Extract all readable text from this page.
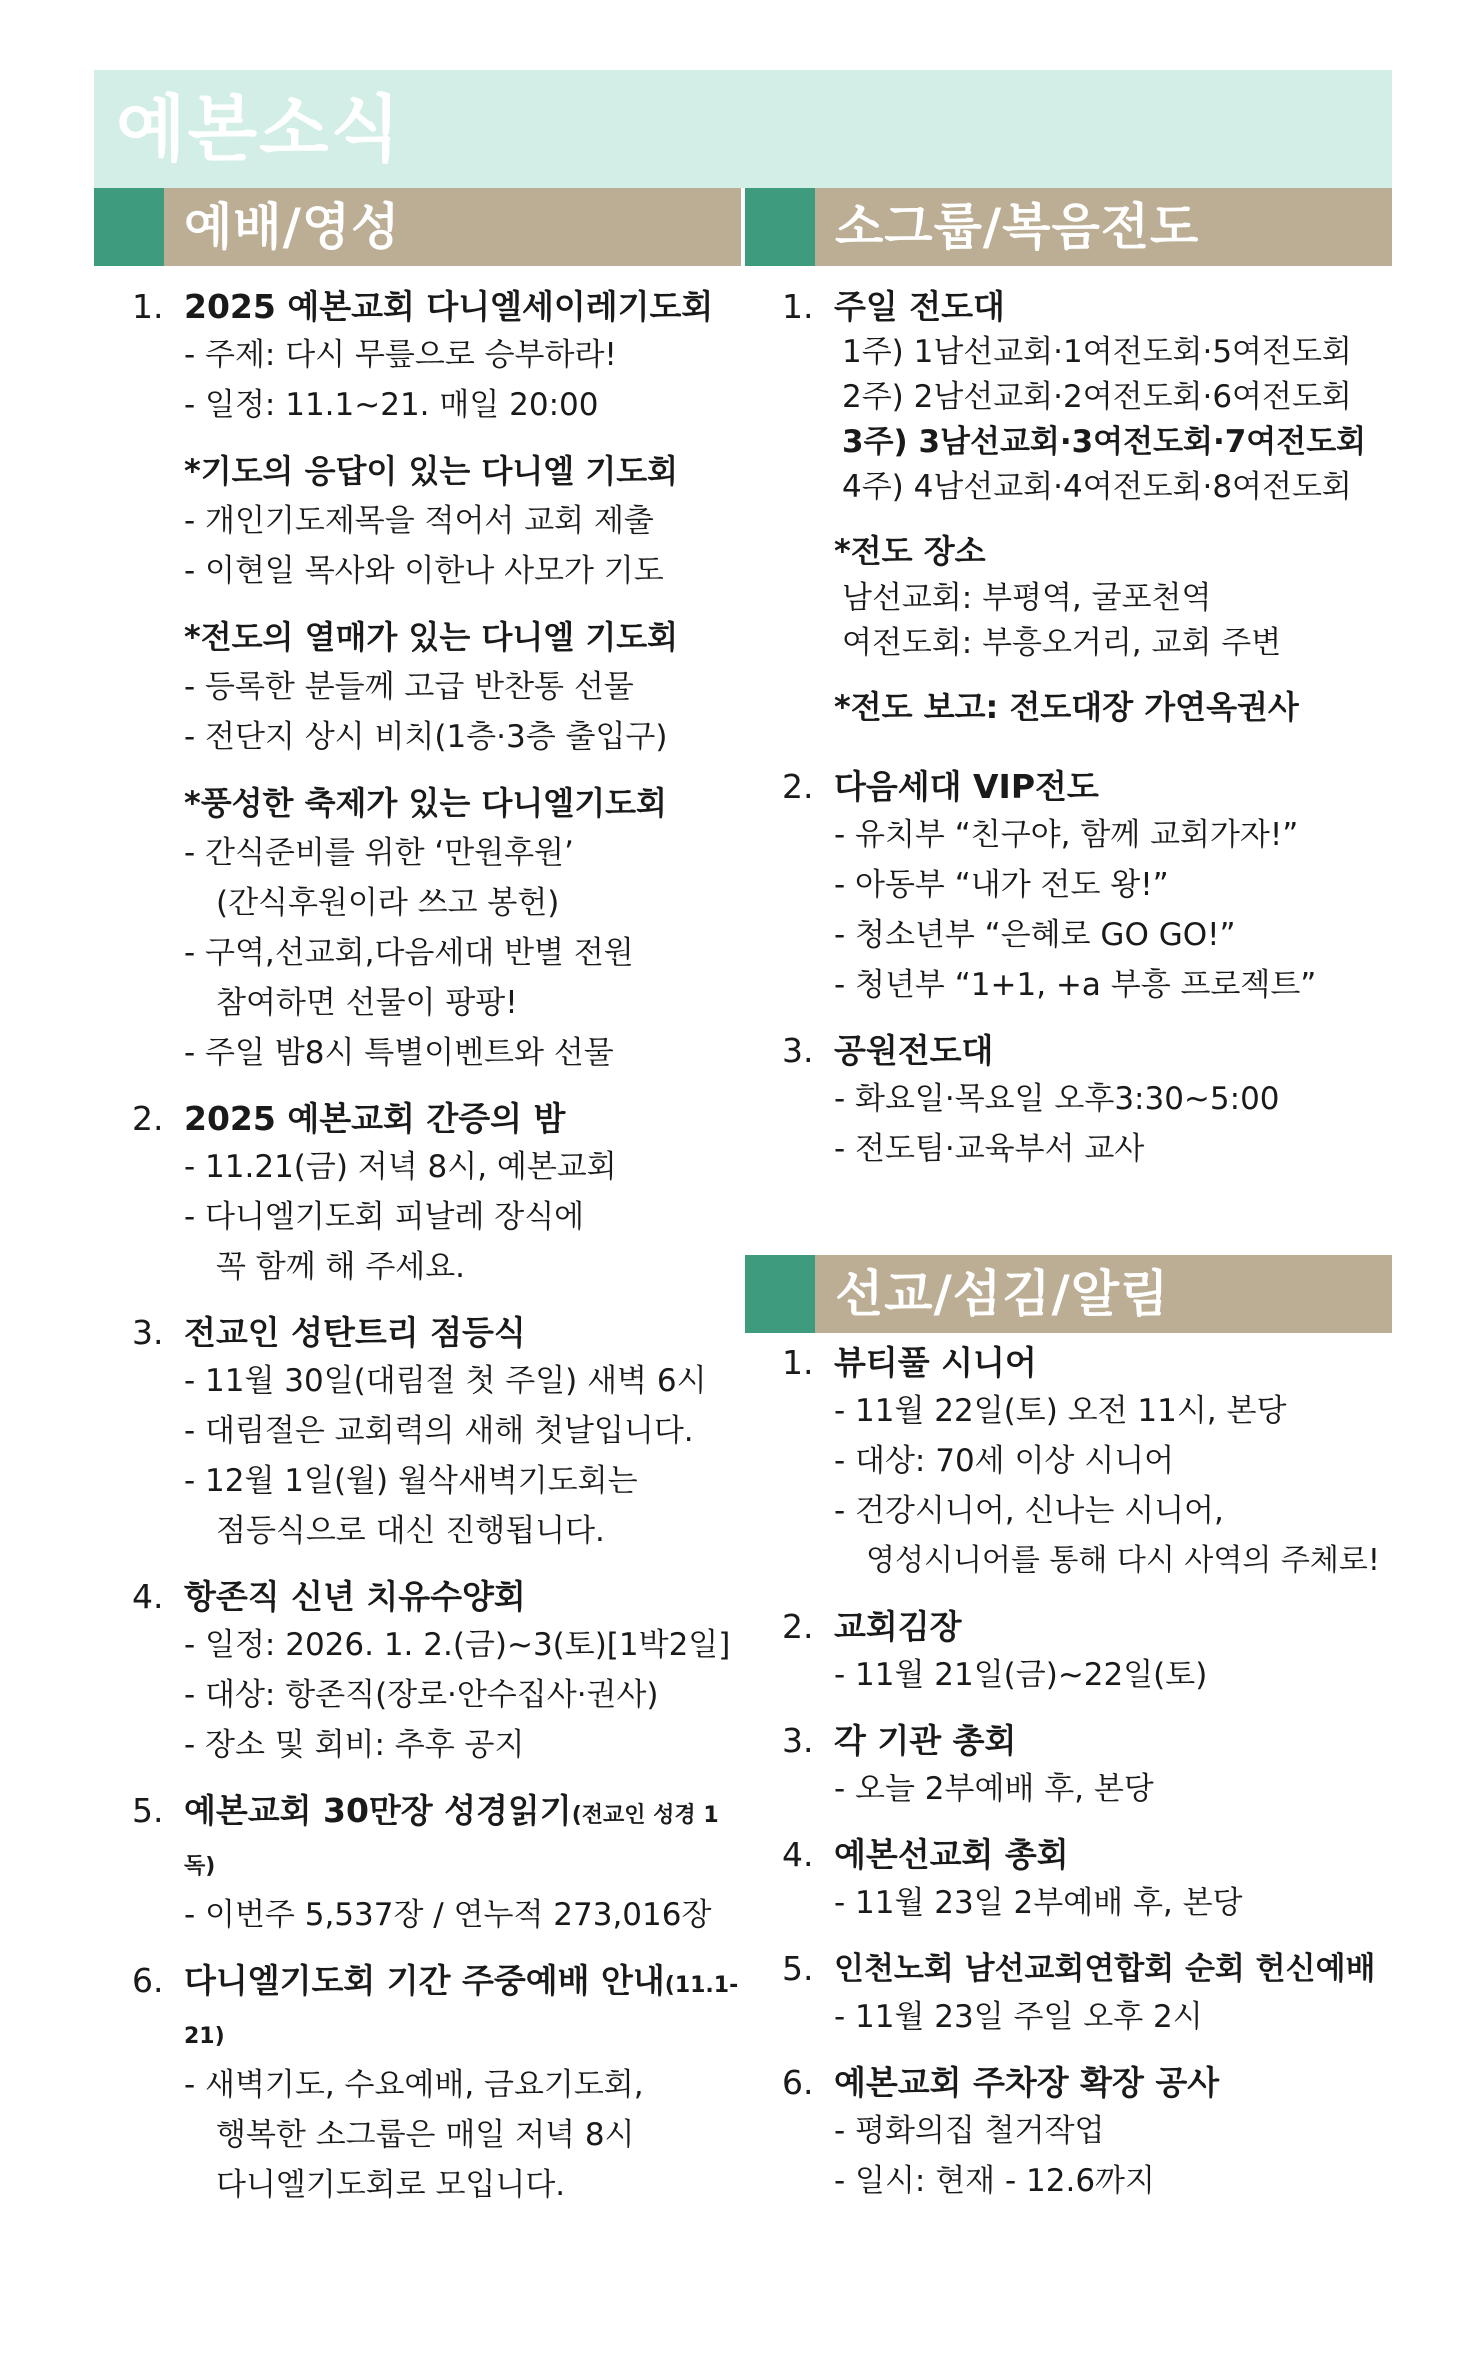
예본소식
예배/영성	소그룹/복음전도
선교/섬김/알림
1. 2025 예본교회 다니엘세이레기도회
- 주제: 다시 무릎으로 승부하라!
- 일정: 11.1~21. 매일 20:00
*기도의 응답이 있는 다니엘 기도회
- 개인기도제목을 적어서 교회 제출
- 이현일 목사와 이한나 사모가 기도
*전도의 열매가 있는 다니엘 기도회
- 등록한 분들께 고급 반찬통 선물
- 전단지 상시 비치(1층·3층 출입구)
*풍성한 축제가 있는 다니엘기도회
- 간식준비를 위한 ‘만원후원’
(간식후원이라 쓰고 봉헌)
- 구역,선교회,다음세대 반별 전원
참여하면 선물이 팡팡!
- 주일 밤8시 특별이벤트와 선물
2. 2025 예본교회 간증의 밤
- 11.21(금) 저녁 8시, 예본교회
- 다니엘기도회 피날레 장식에
꼭 함께 해 주세요.
3. 전교인 성탄트리 점등식
- 11월 30일(대림절 첫 주일) 새벽 6시
- 대림절은 교회력의 새해 첫날입니다.
- 12월 1일(월) 월삭새벽기도회는
점등식으로 대신 진행됩니다.
4. 항존직 신년 치유수양회
- 일정: 2026. 1. 2.(금)~3(토)[1박2일]
- 대상: 항존직(장로·안수집사·권사)
- 장소 및 회비: 추후 공지
5. 예본교회 30만장 성경읽기(전교인 성경 1독)
- 이번주 5,537장 / 연누적 273,016장
6. 다니엘기도회 기간 주중예배 안내(11.1-21)
- 새벽기도, 수요예배, 금요기도회,
행복한 소그룹은 매일 저녁 8시
다니엘기도회로 모입니다.
1. 주일 전도대
1주) 1남선교회·1여전도회·5여전도회
2주) 2남선교회·2여전도회·6여전도회
3주) 3남선교회·3여전도회·7여전도회
4주) 4남선교회·4여전도회·8여전도회
*전도 장소
남선교회: 부평역, 굴포천역
여전도회: 부흥오거리, 교회 주변
*전도 보고: 전도대장 가연옥권사
2. 다음세대 VIP전도
- 유치부 “친구야, 함께 교회가자!”
- 아동부 “내가 전도 왕!”
- 청소년부 “은혜로 GO GO!”
- 청년부 “1+1, +a 부흥 프로젝트”
3. 공원전도대
- 화요일·목요일 오후3:30~5:00
- 전도팀·교육부서 교사
1. 뷰티풀 시니어
- 11월 22일(토) 오전 11시, 본당
- 대상: 70세 이상 시니어
- 건강시니어, 신나는 시니어,
영성시니어를 통해 다시 사역의 주체로!
2. 교회김장
- 11월 21일(금)~22일(토)
3. 각 기관 총회
- 오늘 2부예배 후, 본당
4. 예본선교회 총회
- 11월 23일 2부예배 후, 본당
5. 인천노회 남선교회연합회 순회 헌신예배
- 11월 23일 주일 오후 2시
6. 예본교회 주차장 확장 공사
- 평화의집 철거작업
- 일시: 현재 - 12.6까지
